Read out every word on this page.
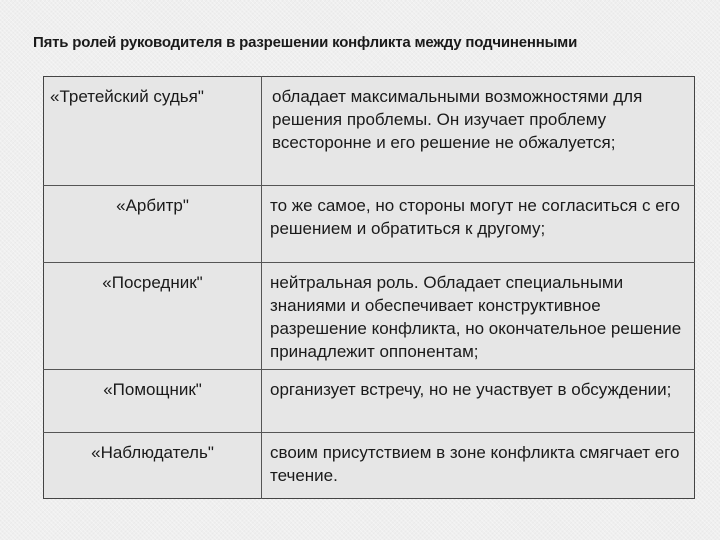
Пять ролей руководителя в разрешении конфликта между подчиненными
«Третейский судья"	обладает максимальными возможностями для решения проблемы. Он изучает проблему всесторонне и его решение не обжалуется;
«Арбитр"	то же самое, но стороны могут не согласиться с его решением и обратиться к другому;
«Посредник"	нейтральная роль. Обладает специальными знаниями и обеспечивает конструктивное разрешение конфликта, но окончательное решение принадлежит оппонентам;
«Помощник"	организует встречу, но не участвует в обсуждении;
«Наблюдатель"	своим присутствием в зоне конфликта смягчает его течение.
